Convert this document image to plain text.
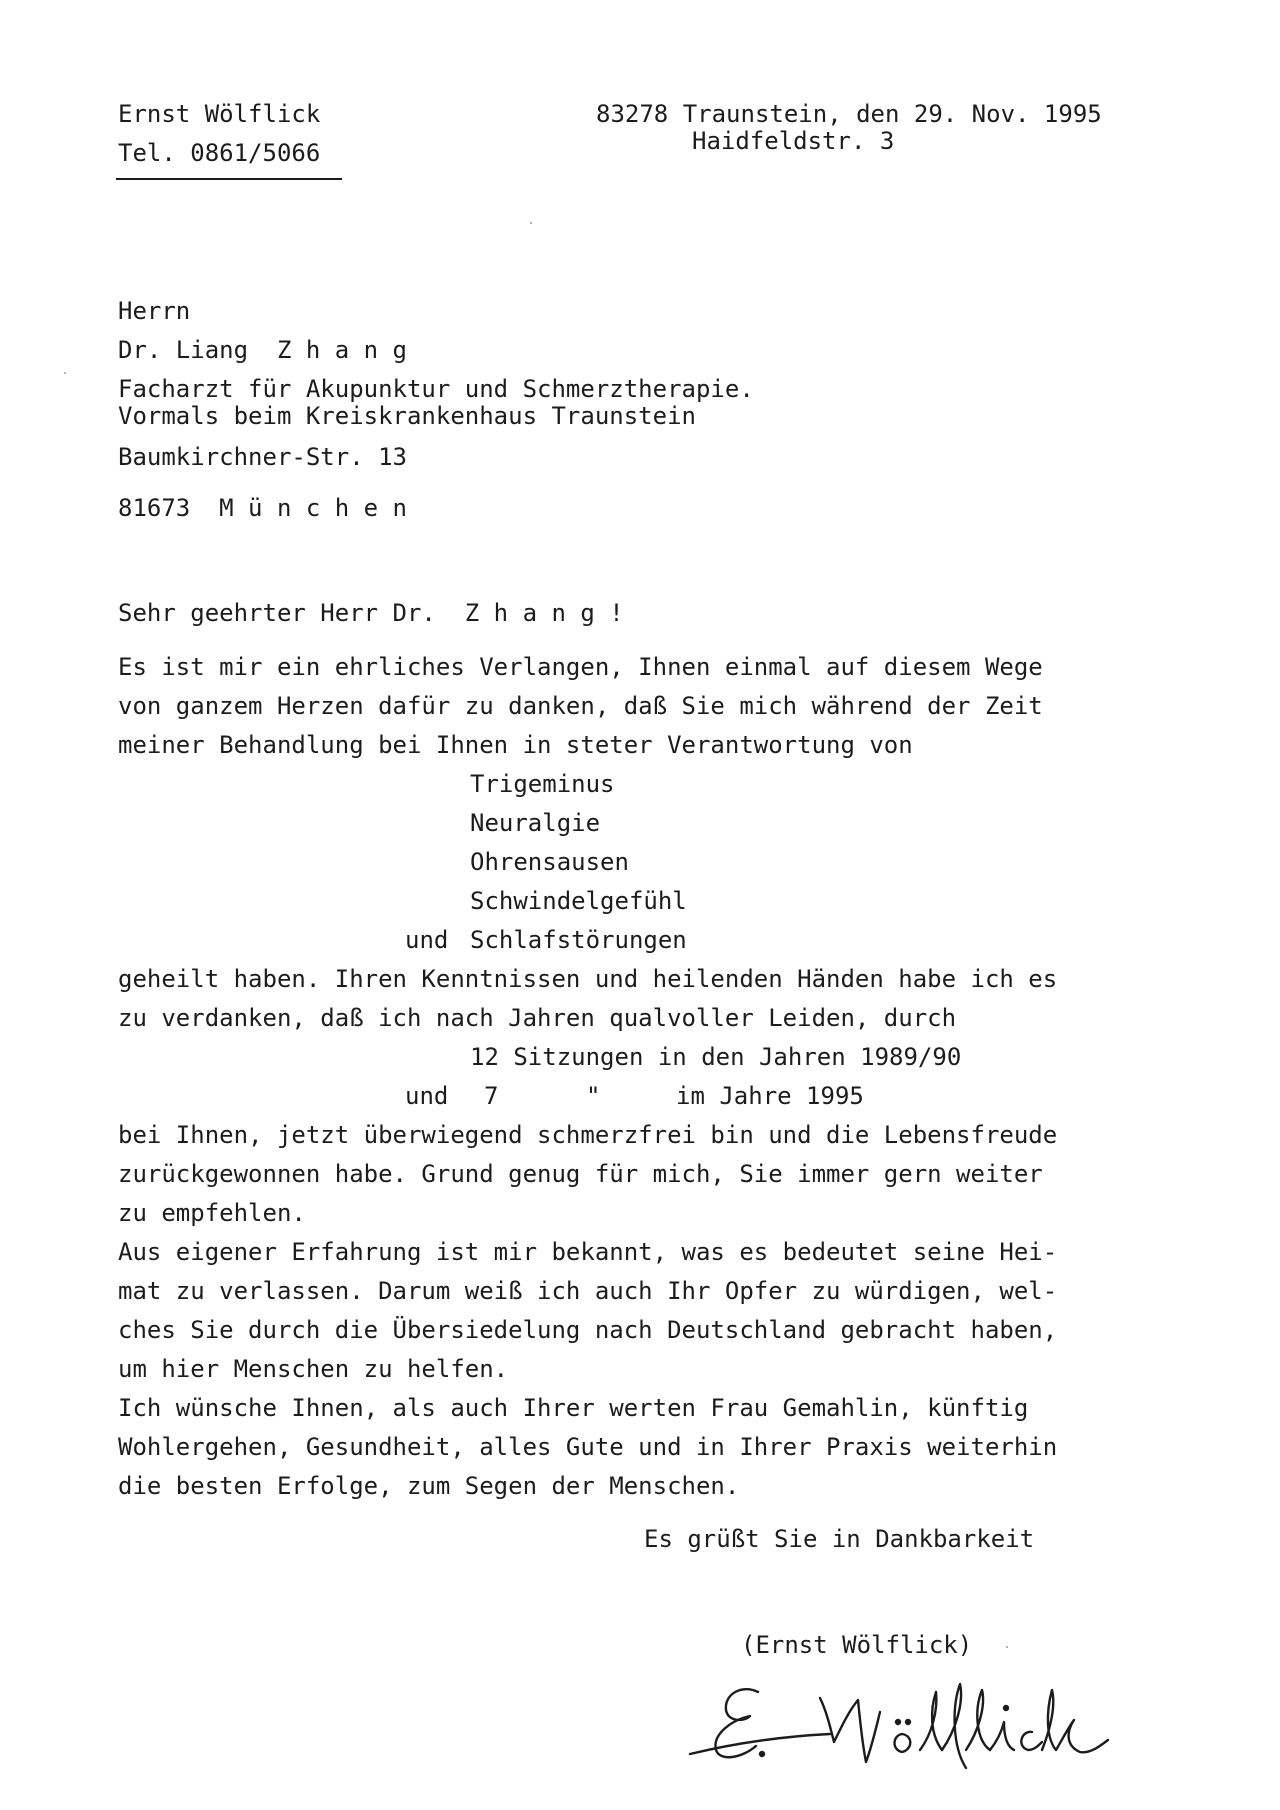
Ernst Wölflick
Tel. 0861/5066
83278 Traunstein, den 29. Nov. 1995
Haidfeldstr. 3
Herrn
Dr. Liang  Z h a n g
Facharzt für Akupunktur und Schmerztherapie.
Vormals beim Kreiskrankenhaus Traunstein
Baumkirchner-Str. 13
81673  M ü n c h e n
Sehr geehrter Herr Dr.  Z h a n g !
Es ist mir ein ehrliches Verlangen, Ihnen einmal auf diesem Wege
von ganzem Herzen dafür zu danken, daß Sie mich während der Zeit
meiner Behandlung bei Ihnen in steter Verantwortung von
Trigeminus
Neuralgie
Ohrensausen
Schwindelgefühl
und Schlafstörungen
geheilt haben. Ihren Kenntnissen und heilenden Händen habe ich es
zu verdanken, daß ich nach Jahren qualvoller Leiden, durch
12 Sitzungen in den Jahren 1989/90
und 7	"	im Jahre 1995
bei Ihnen, jetzt überwiegend schmerzfrei bin und die Lebensfreude
zurückgewonnen habe. Grund genug für mich, Sie immer gern weiter
zu empfehlen.
Aus eigener Erfahrung ist mir bekannt, was es bedeutet seine Hei-
mat zu verlassen. Darum weiß ich auch Ihr Opfer zu würdigen, wel-
ches Sie durch die Übersiedelung nach Deutschland gebracht haben,
um hier Menschen zu helfen.
Ich wünsche Ihnen, als auch Ihrer werten Frau Gemahlin, künftig
Wohlergehen, Gesundheit, alles Gute und in Ihrer Praxis weiterhin
die besten Erfolge, zum Segen der Menschen.
Es grüßt Sie in Dankbarkeit
(Ernst Wölflick)
